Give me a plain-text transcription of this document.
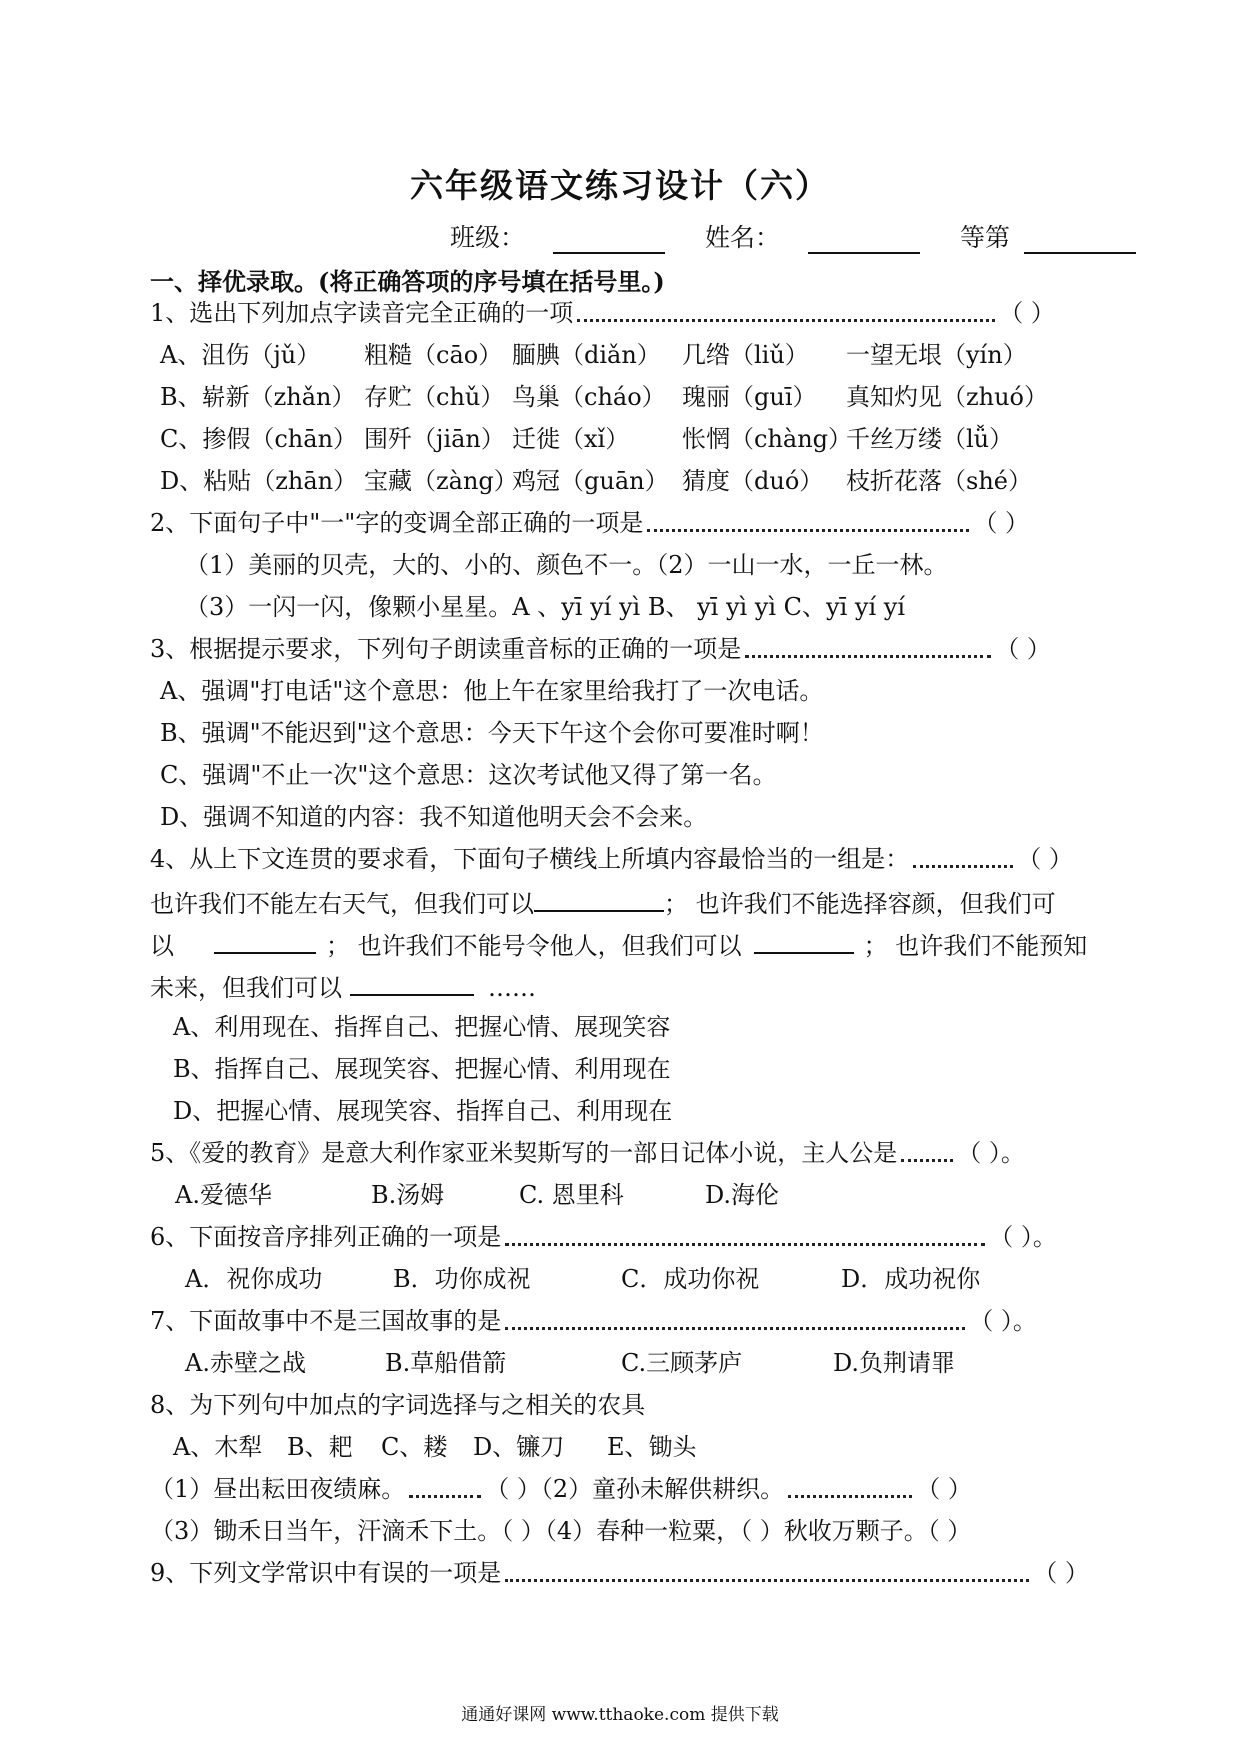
六年级语文练习设计（六）
班级：	姓名：	等第
一、择优录取。(将正确答项的序号填在括号里。)
1、选出下列加点字读音完全正确的一项	（ ）
A、沮伤（jǔ） 粗糙（cāo） 腼腆（diǎn） 几绺（liǔ） 一望无垠（yín）
B、崭新（zhǎn） 存贮（chǔ） 鸟巢（cháo） 瑰丽（guī） 真知灼见（zhuó）
C、掺假（chān） 围歼（jiān） 迁徙（xǐ） 怅惘（chàng）千丝万缕（lǚ）
D、粘贴（zhān） 宝藏（zàng）鸡冠（guān） 猜度（duó） 枝折花落（shé）
2、下面句子中"一"字的变调全部正确的一项是	（ ）
（1）美丽的贝壳，大的、小的、颜色不一。（2）一山一水，一丘一林。
（3）一闪一闪，像颗小星星。A 、yī yí yì B、 yī yì yì C、yī yí yí
3、根据提示要求，下列句子朗读重音标的正确的一项是	（ ）
A、强调"打电话"这个意思：他上午在家里给我打了一次电话。
B、强调"不能迟到"这个意思：今天下午这个会你可要准时啊！
C、强调"不止一次"这个意思：这次考试他又得了第一名。
D、强调不知道的内容：我不知道他明天会不会来。
4、从上下文连贯的要求看，下面句子横线上所填内容最恰当的一组是：	（ ）
也许我们不能左右天气，但我们可以	； 也许我们不能选择容颜，但我们可
以	； 也许我们不能号令他人，但我们可以	； 也许我们不能预知
未来，但我们可以	……
A、利用现在、指挥自己、把握心情、展现笑容
B、指挥自己、展现笑容、把握心情、利用现在
D、把握心情、展现笑容、指挥自己、利用现在
5、《爱的教育》是意大利作家亚米契斯写的一部日记体小说，主人公是	（ ）。
A.爱德华	B.汤姆	C. 恩里科	D.海伦
6、下面按音序排列正确的一项是	（ ）。
A．祝你成功	B．功你成祝	C．成功你祝	D．成功祝你
7、下面故事中不是三国故事的是	（ ）。
A.赤壁之战	B.草船借箭	C.三顾茅庐	D.负荆请罪
8、为下列句中加点的字词选择与之相关的农具
A、木犁 B、耙 C、耧 D、镰刀 E、锄头
（1）昼出耘田夜绩麻。	（ ）（2）童孙未解供耕织。	（ ）
（3）锄禾日当午，汗滴禾下土。（ ）（4）春种一粒粟，（ ）秋收万颗子。（ ）
9、下列文学常识中有误的一项是	（ ）
通通好课网 www.tthaoke.com 提供下载
